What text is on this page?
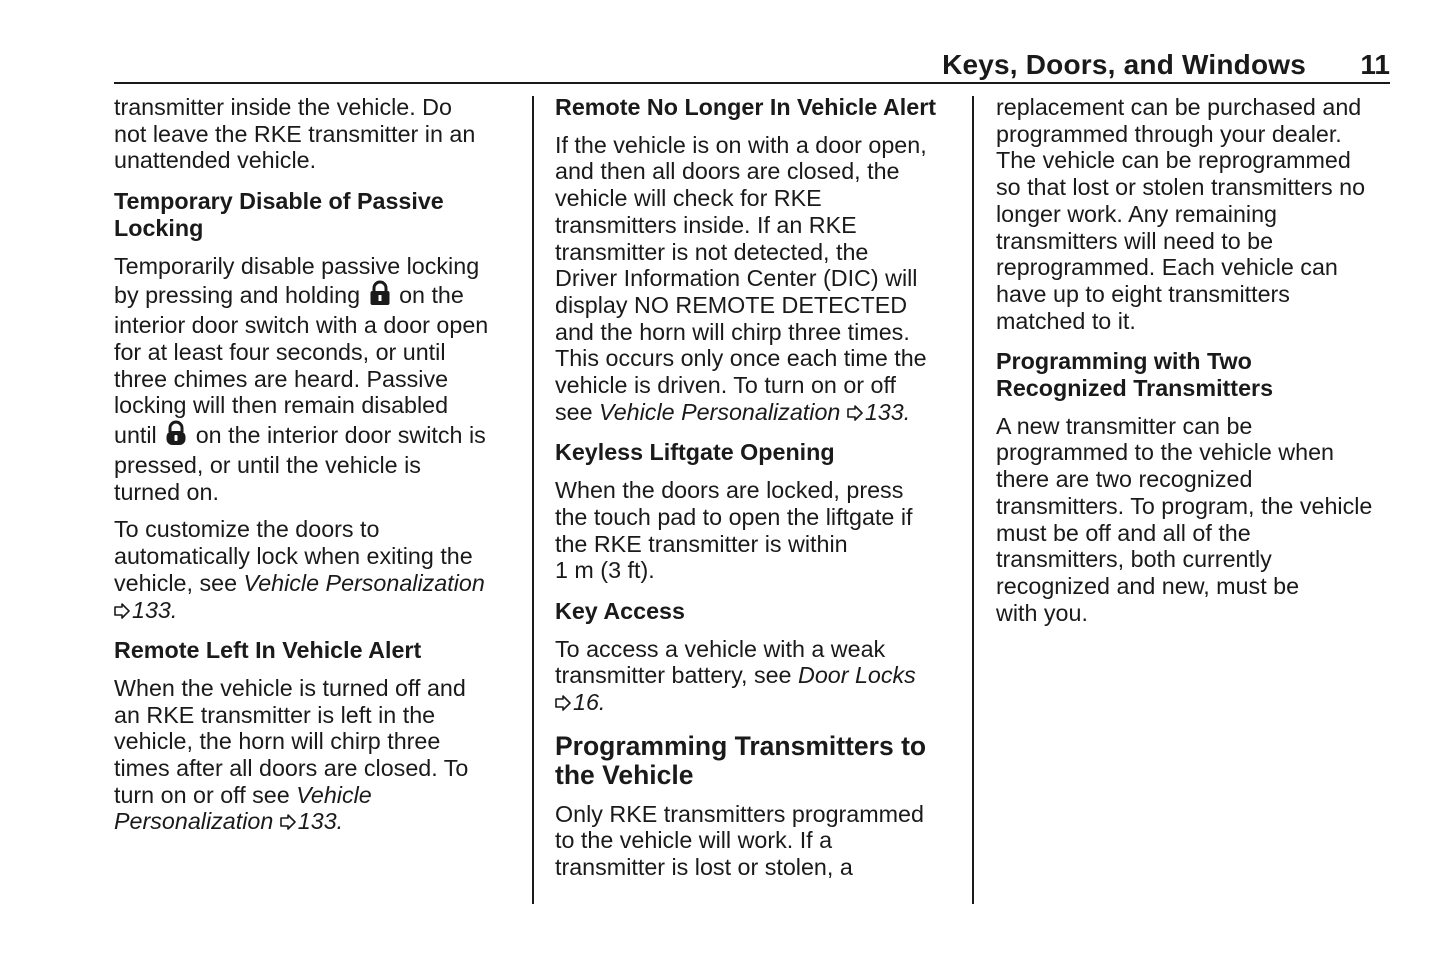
Keys, Doors, and Windows 11
transmitter inside the vehicle. Do
not leave the RKE transmitter in an
unattended vehicle.
Temporary Disable of Passive
Locking
Temporarily disable passive locking
by pressing and holding on the
interior door switch with a door open
for at least four seconds, or until
three chimes are heard. Passive
locking will then remain disabled
until on the interior door switch is
pressed, or until the vehicle is
turned on.
To customize the doors to
automatically lock when exiting the
vehicle, see Vehicle Personalization
133.
Remote Left In Vehicle Alert
When the vehicle is turned off and
an RKE transmitter is left in the
vehicle, the horn will chirp three
times after all doors are closed. To
turn on or off see Vehicle
Personalization 133.
Remote No Longer In Vehicle Alert
If the vehicle is on with a door open,
and then all doors are closed, the
vehicle will check for RKE
transmitters inside. If an RKE
transmitter is not detected, the
Driver Information Center (DIC) will
display NO REMOTE DETECTED
and the horn will chirp three times.
This occurs only once each time the
vehicle is driven. To turn on or off
see Vehicle Personalization 133.
Keyless Liftgate Opening
When the doors are locked, press
the touch pad to open the liftgate if
the RKE transmitter is within
1 m (3 ft).
Key Access
To access a vehicle with a weak
transmitter battery, see Door Locks
16.
Programming Transmitters to
the Vehicle
Only RKE transmitters programmed
to the vehicle will work. If a
transmitter is lost or stolen, a
replacement can be purchased and
programmed through your dealer.
The vehicle can be reprogrammed
so that lost or stolen transmitters no
longer work. Any remaining
transmitters will need to be
reprogrammed. Each vehicle can
have up to eight transmitters
matched to it.
Programming with Two
Recognized Transmitters
A new transmitter can be
programmed to the vehicle when
there are two recognized
transmitters. To program, the vehicle
must be off and all of the
transmitters, both currently
recognized and new, must be
with you.
